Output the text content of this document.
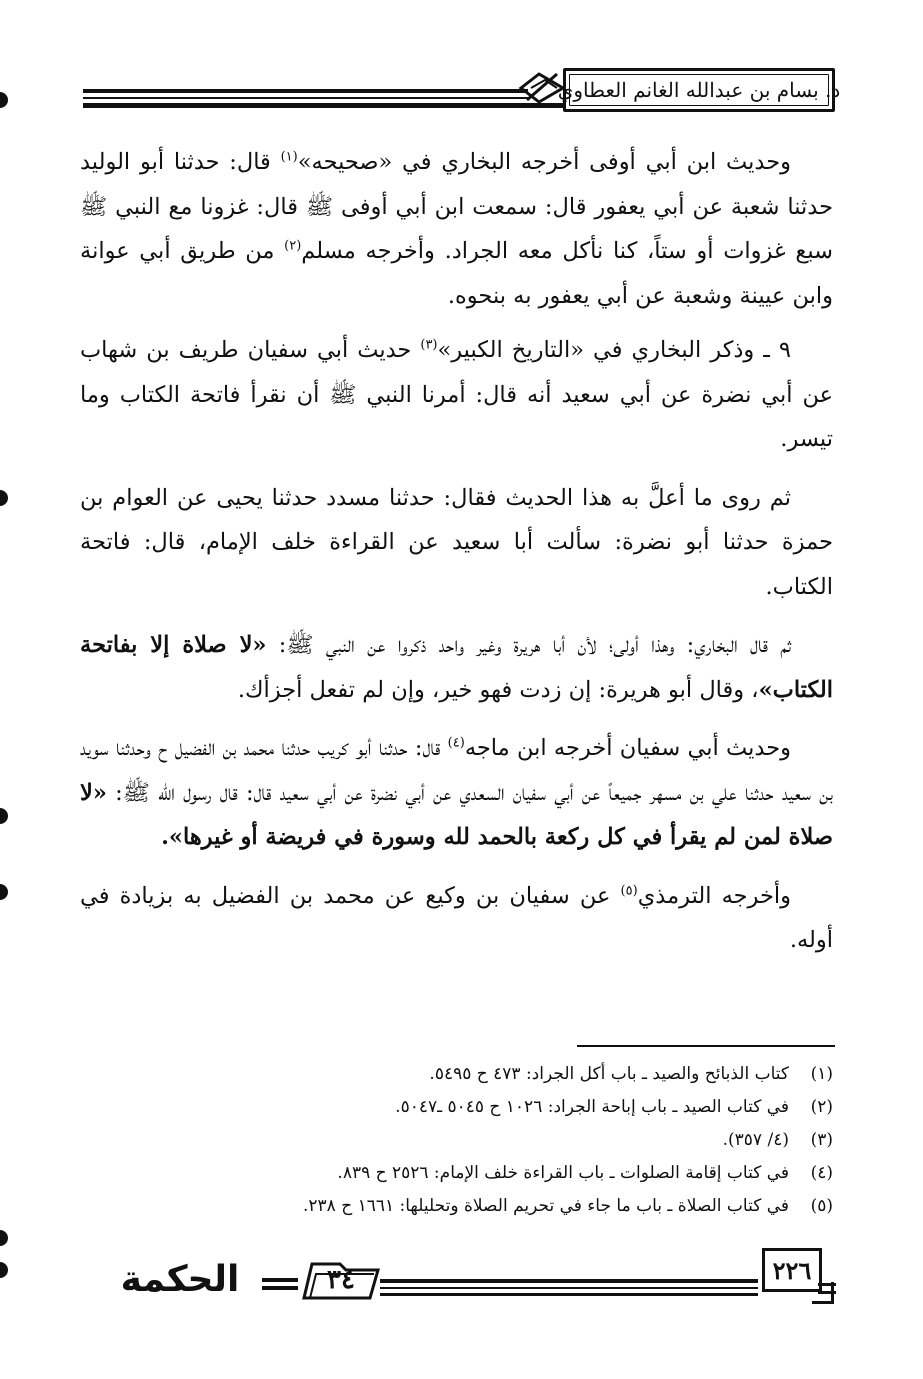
د. بسام بن عبدالله الغانم العطاوي

وحديث ابن أبي أوفى أخرجه البخاري في «صحيحه»$^{(١)}$ قال: حدثنا أبو الوليد حدثنا شعبة عن أبي يعفور قال: سمعت ابن أبي أوفى ﷺ قال: غزونا مع النبي ﷺ سبع غزوات أو ستاً، كنا نأكل معه الجراد. وأخرجه مسلم$^{(٢)}$ من طريق أبي عوانة وابن عيينة وشعبة عن أبي يعفور به بنحوه.

٩ ـ وذكر البخاري في «التاريخ الكبير»$^{(٣)}$ حديث أبي سفيان طريف بن شهاب عن أبي نضرة عن أبي سعيد أنه قال: أمرنا النبي ﷺ أن نقرأ فاتحة الكتاب وما تيسر.

ثم روى ما أعلَّ به هذا الحديث فقال: حدثنا مسدد حدثنا يحيى عن العوام بن حمزة حدثنا أبو نضرة: سألت أبا سعيد عن القراءة خلف الإمام، قال: فاتحة الكتاب.

ثم قال البخاري: وهذا أولى؛ لأن أبا هريرة وغير واحد ذكروا عن النبي ﷺ: «لا صلاة إلا بفاتحة الكتاب»، وقال أبو هريرة: إن زدت فهو خير، وإن لم تفعل أجزأك.

وحديث أبي سفيان أخرجه ابن ماجه$^{(٤)}$ قال: حدثنا أبو كريب حدثنا محمد بن الفضيل ح وحدثنا سويد بن سعيد حدثنا علي بن مسهر جميعاً عن أبي سفيان السعدي عن أبي نضرة عن أبي سعيد قال: قال رسول الله ﷺ: «لا صلاة لمن لم يقرأ في كل ركعة بالحمد لله وسورة في فريضة أو غيرها».

وأخرجه الترمذي$^{(٥)}$ عن سفيان بن وكيع عن محمد بن الفضيل به بزيادة في أوله.

(١)
كتاب الذبائح والصيد ـ باب أكل الجراد: ٤٧٣ ح ٥٤٩٥.
(٢)
في كتاب الصيد ـ باب إباحة الجراد: ١٠٢٦ ح ٥٠٤٥ ـ٥٠٤٧.
(٣)
(٤/ ٣٥٧).
(٤)
في كتاب إقامة الصلوات ـ باب القراءة خلف الإمام: ٢٥٢٦ ح ٨٣٩.
(٥)
في كتاب الصلاة ـ باب ما جاء في تحريم الصلاة وتحليلها: ١٦٦١ ح ٢٣٨.
٢٢٦
٣٤
الحكمة
